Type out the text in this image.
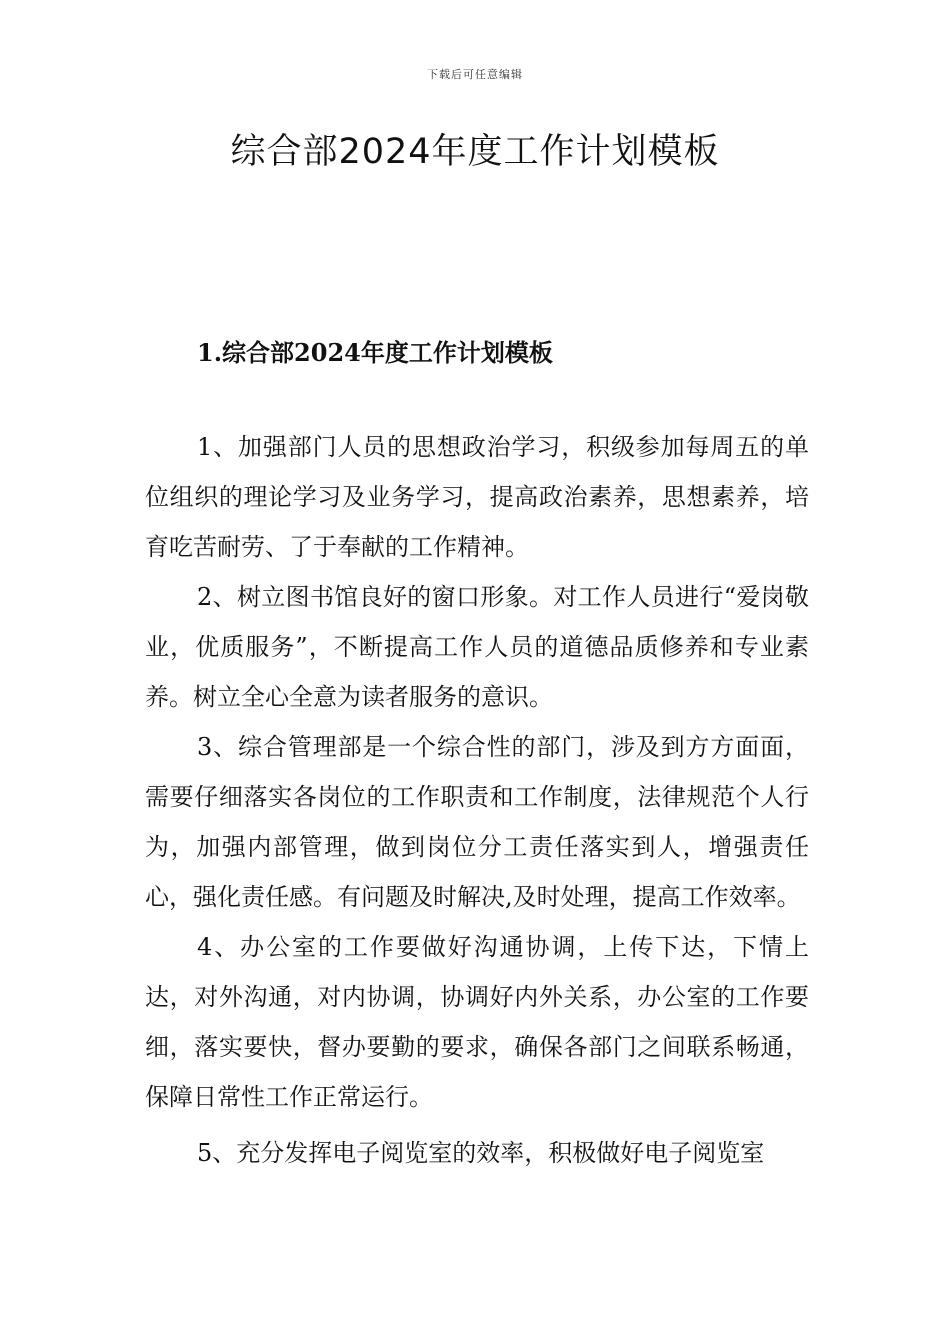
下载后可任意编辑
综合部2024年度工作计划模板
1.综合部2024年度工作计划模板

1、加强部门人员的思想政治学习，积级参加每周五的单位组织的理论学习及业务学习，提高政治素养，思想素养，培育吃苦耐劳、了于奉献的工作精神。

2、树立图书馆良好的窗口形象。对工作人员进行“爱岗敬业，优质服务”，不断提高工作人员的道德品质修养和专业素养。树立全心全意为读者服务的意识。

3、综合管理部是一个综合性的部门，涉及到方方面面，需要仔细落实各岗位的工作职责和工作制度，法律规范个人行为，加强内部管理，做到岗位分工责任落实到人，增强责任心，强化责任感。有问题及时解决,及时处理，提高工作效率。

4、办公室的工作要做好沟通协调，上传下达，下情上达，对外沟通，对内协调，协调好内外关系，办公室的工作要细，落实要快，督办要勤的要求，确保各部门之间联系畅通，保障日常性工作正常运行。

5、充分发挥电子阅览室的效率，积极做好电子阅览室
